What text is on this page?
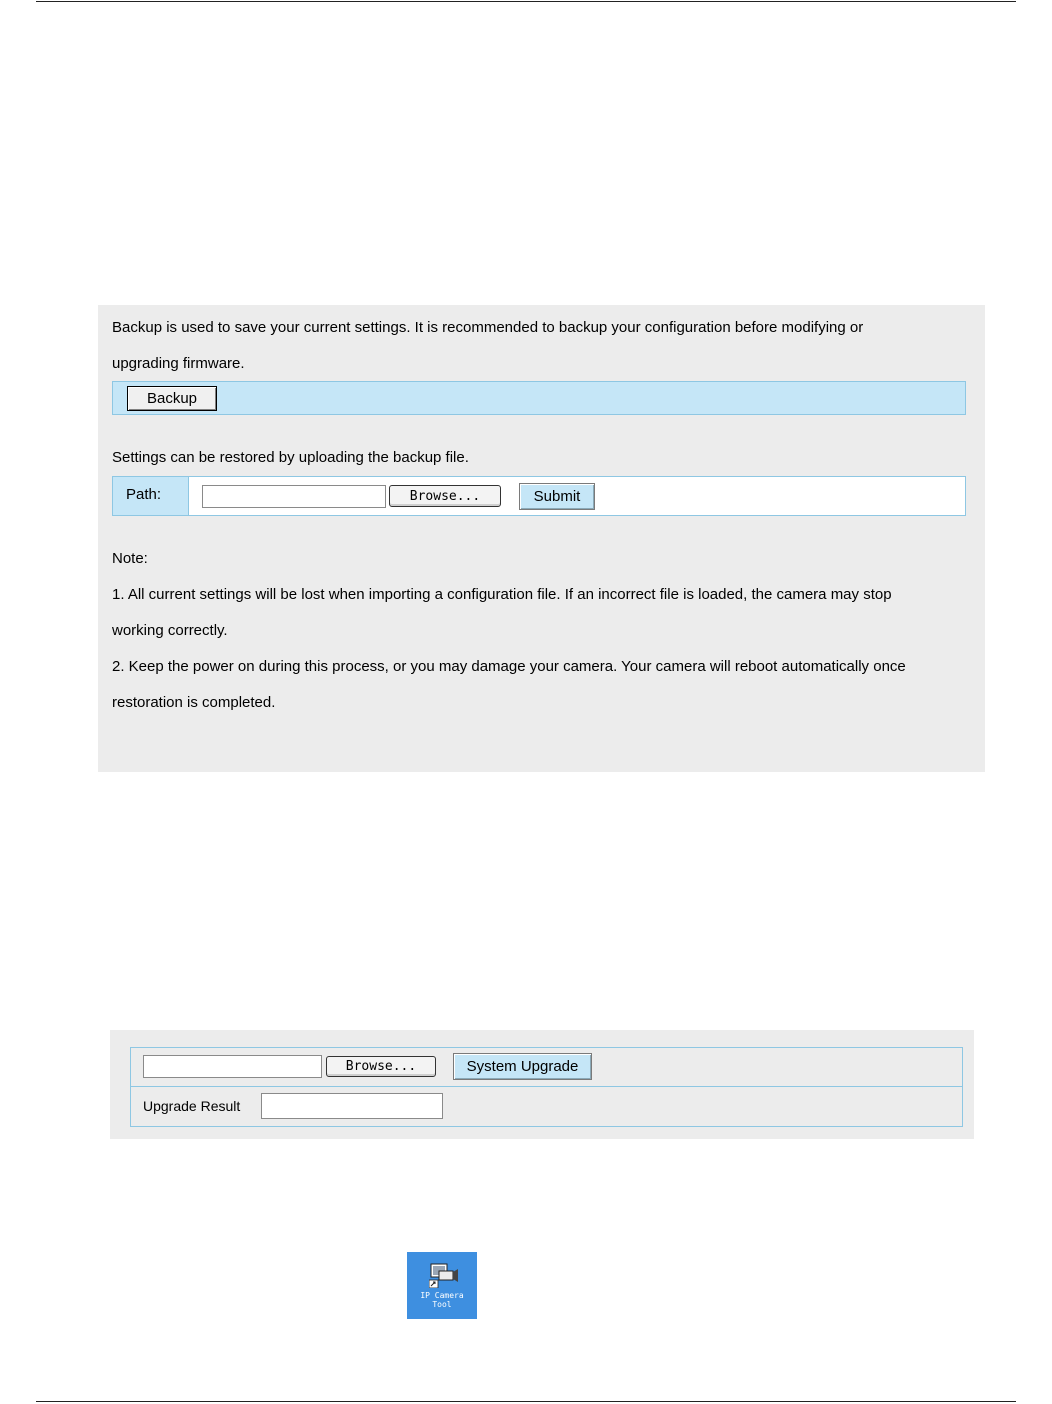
Backup is used to save your current settings. It is recommended to backup your configuration before modifying or
upgrading firmware.
Backup
Settings can be restored by uploading the backup file.
Path:	Browse...	Submit
Note:
1. All current settings will be lost when importing a configuration file. If an incorrect file is loaded, the camera may stop
working correctly.
2. Keep the power on during this process, or you may damage your camera. Your camera will reboot automatically once
restoration is completed.
Browse...	System Upgrade
Upgrade Result
IP Camera
Tool
